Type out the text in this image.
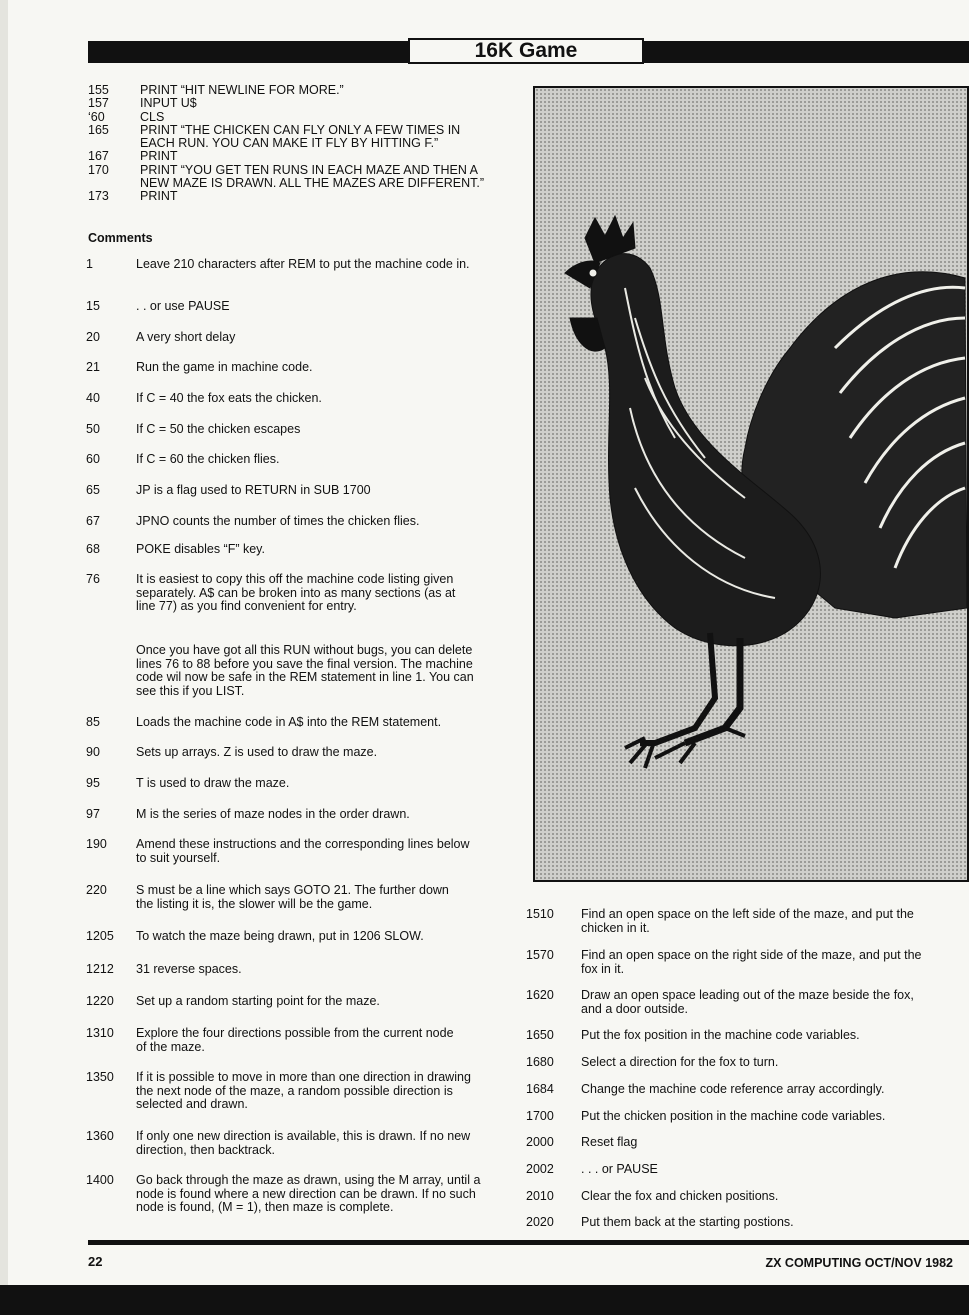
16K Game
155	PRINT “HIT NEWLINE FOR MORE.”
157	INPUT U$
‘60	CLS
165	PRINT “THE CHICKEN CAN FLY ONLY A FEW TIMES IN EACH RUN. YOU CAN MAKE IT FLY BY HITTING F.”
167	PRINT
170	PRINT “YOU GET TEN RUNS IN EACH MAZE AND THEN A NEW MAZE IS DRAWN. ALL THE MAZES ARE DIFFERENT.”
173	PRINT
Comments
1	Leave 210 characters after REM to put the machine code in.
15	. . or use PAUSE
20	A very short delay
21	Run the game in machine code.
40	If C = 40 the fox eats the chicken.
50	If C = 50 the chicken escapes
60	If C = 60 the chicken flies.
65	JP is a flag used to RETURN in SUB 1700
67	JPNO counts the number of times the chicken flies.
68	POKE disables “F” key.
76	It is easiest to copy this off the machine code listing given separately. A$ can be broken into as many sections (as at line 77) as you find convenient for entry.
Once you have got all this RUN without bugs, you can delete lines 76 to 88 before you save the final version. The machine code wil now be safe in the REM statement in line 1. You can see this if you LIST.
85	Loads the machine code in A$ into the REM statement.
90	Sets up arrays. Z is used to draw the maze.
95	T is used to draw the maze.
97	M is the series of maze nodes in the order drawn.
190	Amend these instructions and the corresponding lines below to suit yourself.
220	S must be a line which says GOTO 21. The further down the listing it is, the slower will be the game.
1205	To watch the maze being drawn, put in 1206 SLOW.
1212	31 reverse spaces.
1220	Set up a random starting point for the maze.
1310	Explore the four directions possible from the current node of the maze.
1350	If it is possible to move in more than one direction in drawing the next node of the maze, a random possible direction is selected and drawn.
1360	If only one new direction is available, this is drawn. If no new direction, then backtrack.
1400	Go back through the maze as drawn, using the M array, until a node is found where a new direction can be drawn. If no such node is found, (M = 1), then maze is complete.
1510	Find an open space on the left side of the maze, and put the chicken in it.
1570	Find an open space on the right side of the maze, and put the fox in it.
1620	Draw an open space leading out of the maze beside the fox, and a door outside.
1650	Put the fox position in the machine code variables.
1680	Select a direction for the fox to turn.
1684	Change the machine code reference array accordingly.
1700	Put the chicken position in the machine code variables.
2000	Reset flag
2002	. . . or PAUSE
2010	Clear the fox and chicken positions.
2020	Put them back at the starting postions.
22	ZX COMPUTING OCT/NOV 1982
